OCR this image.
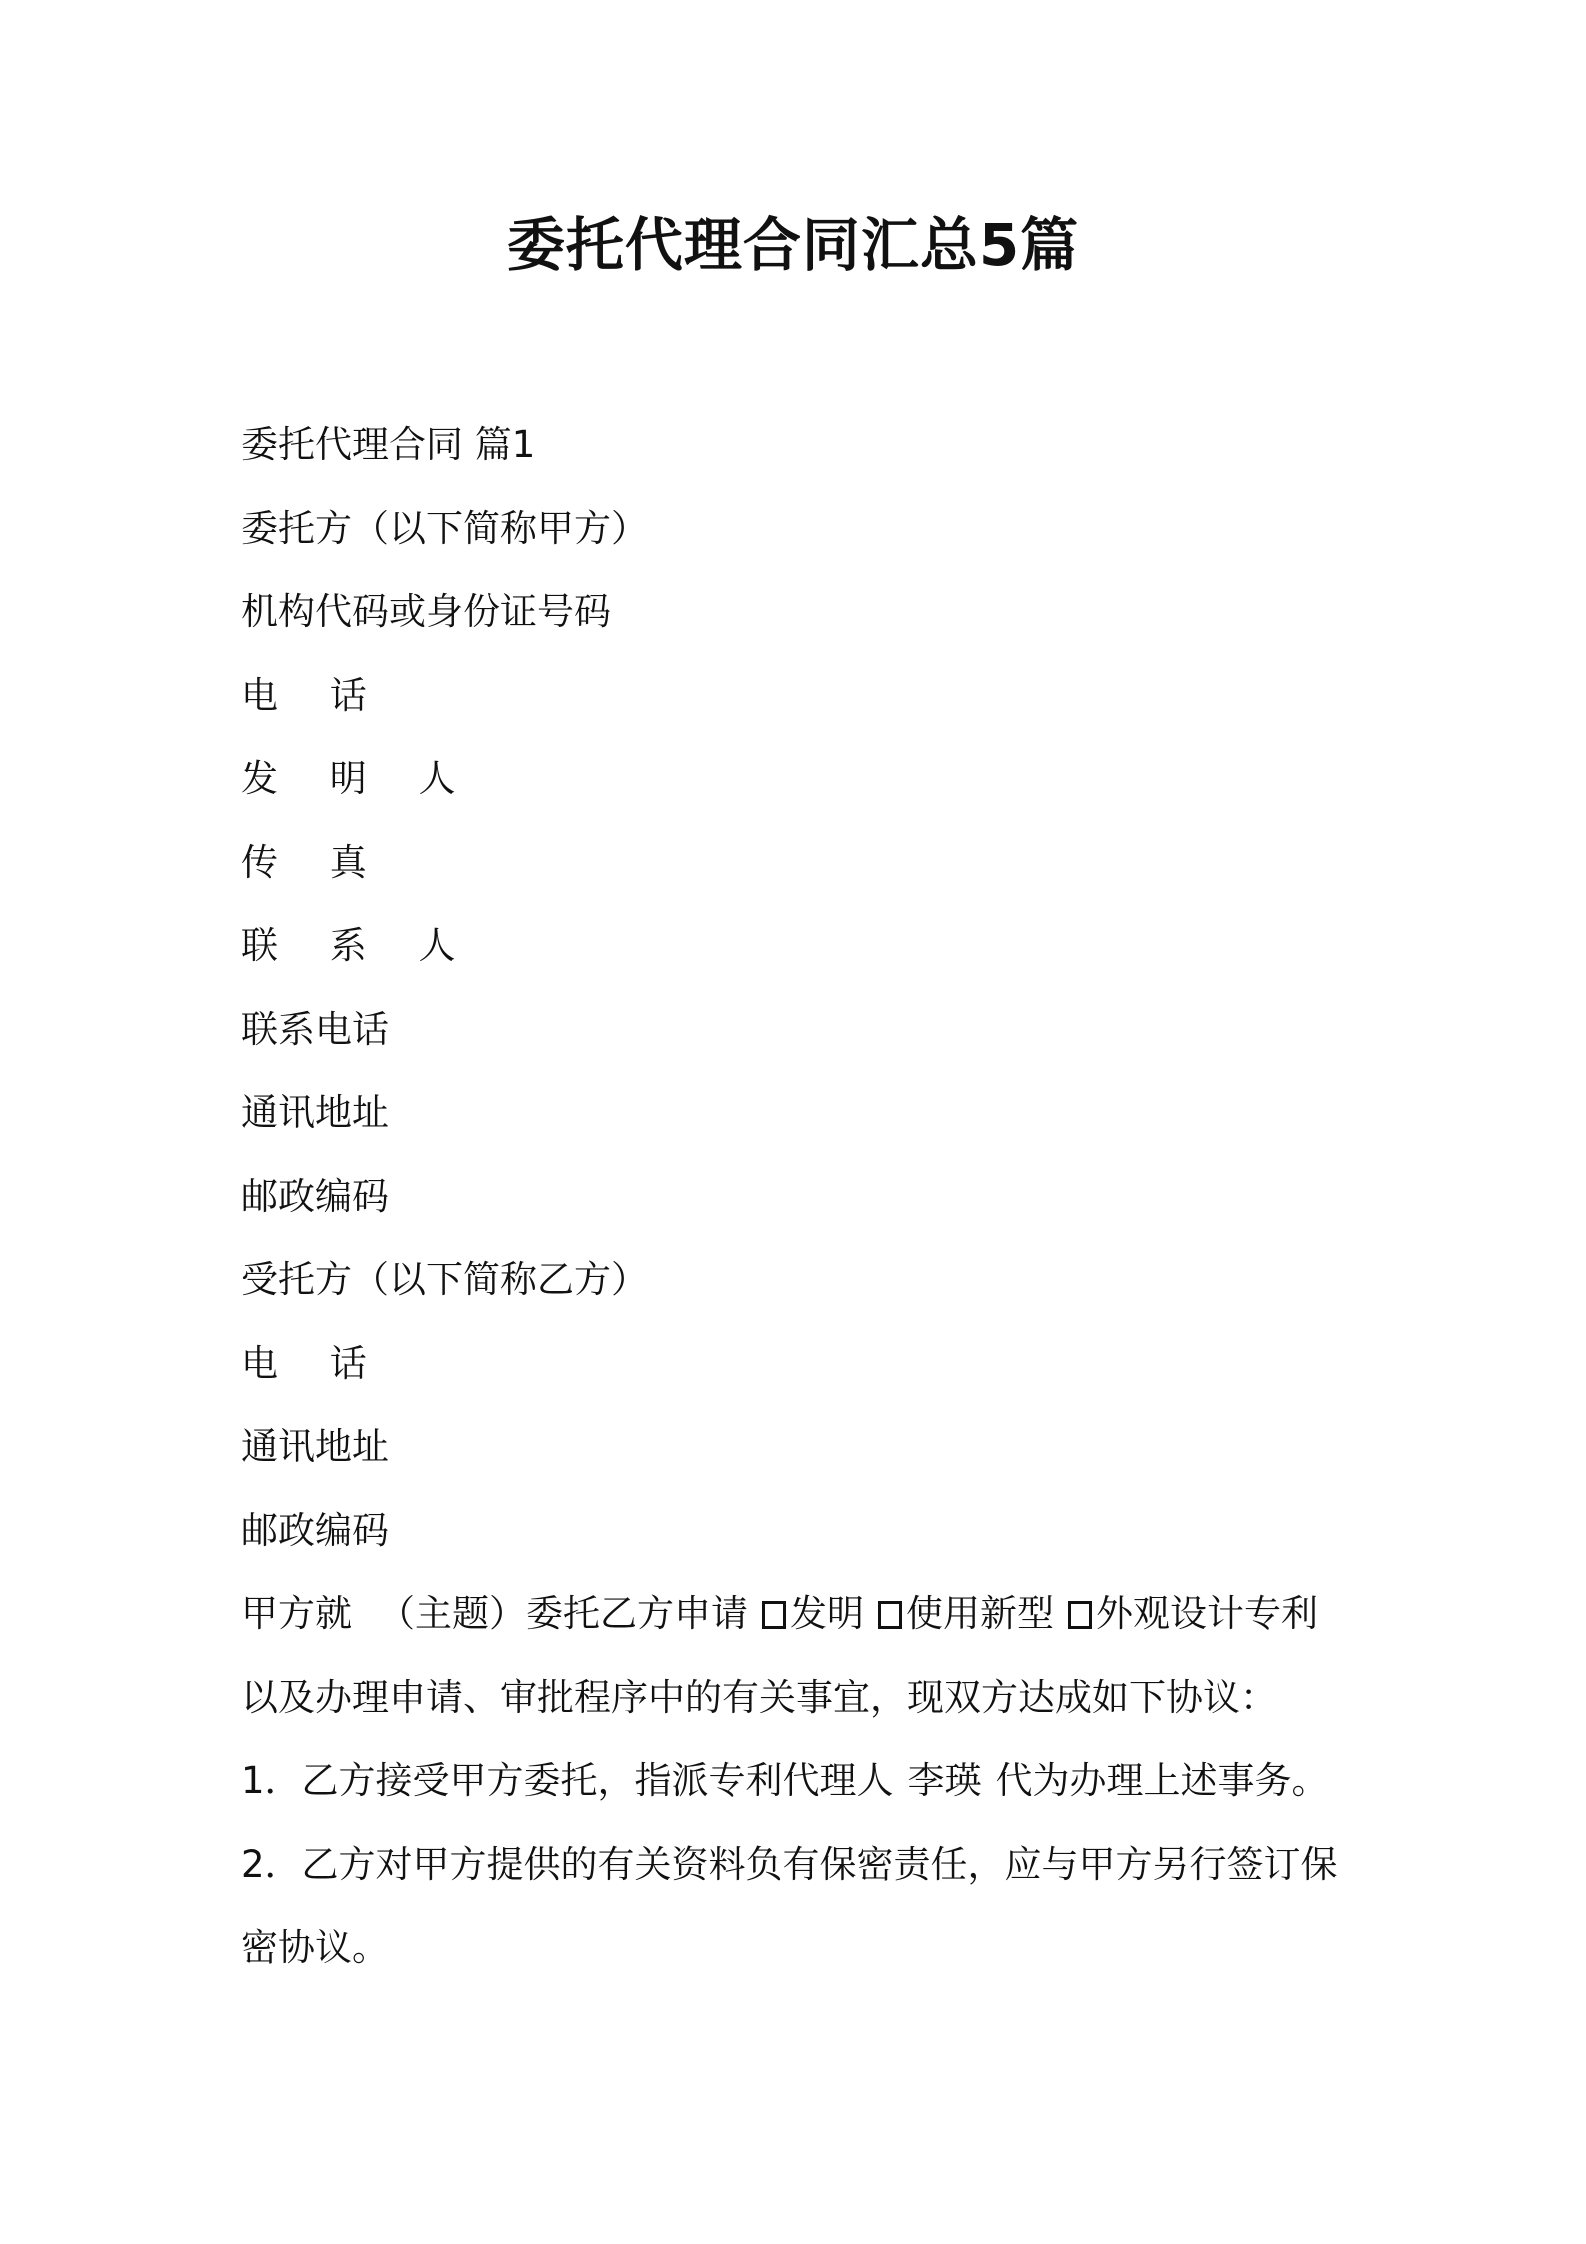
委托代理合同汇总5篇

委托代理合同 篇1

委托方（以下简称甲方）

机构代码或身份证号码

电 话

发 明 人

传 真

联 系 人

联系电话

通讯地址

邮政编码

受托方（以下简称乙方）

电 话

通讯地址

邮政编码

甲方就 （主题）委托乙方申请 发明 使用新型 外观设计专利

以及办理申请、审批程序中的有关事宜，现双方达成如下协议：

1．乙方接受甲方委托，指派专利代理人 李瑛 代为办理上述事务。

2．乙方对甲方提供的有关资料负有保密责任，应与甲方另行签订保

密协议。
